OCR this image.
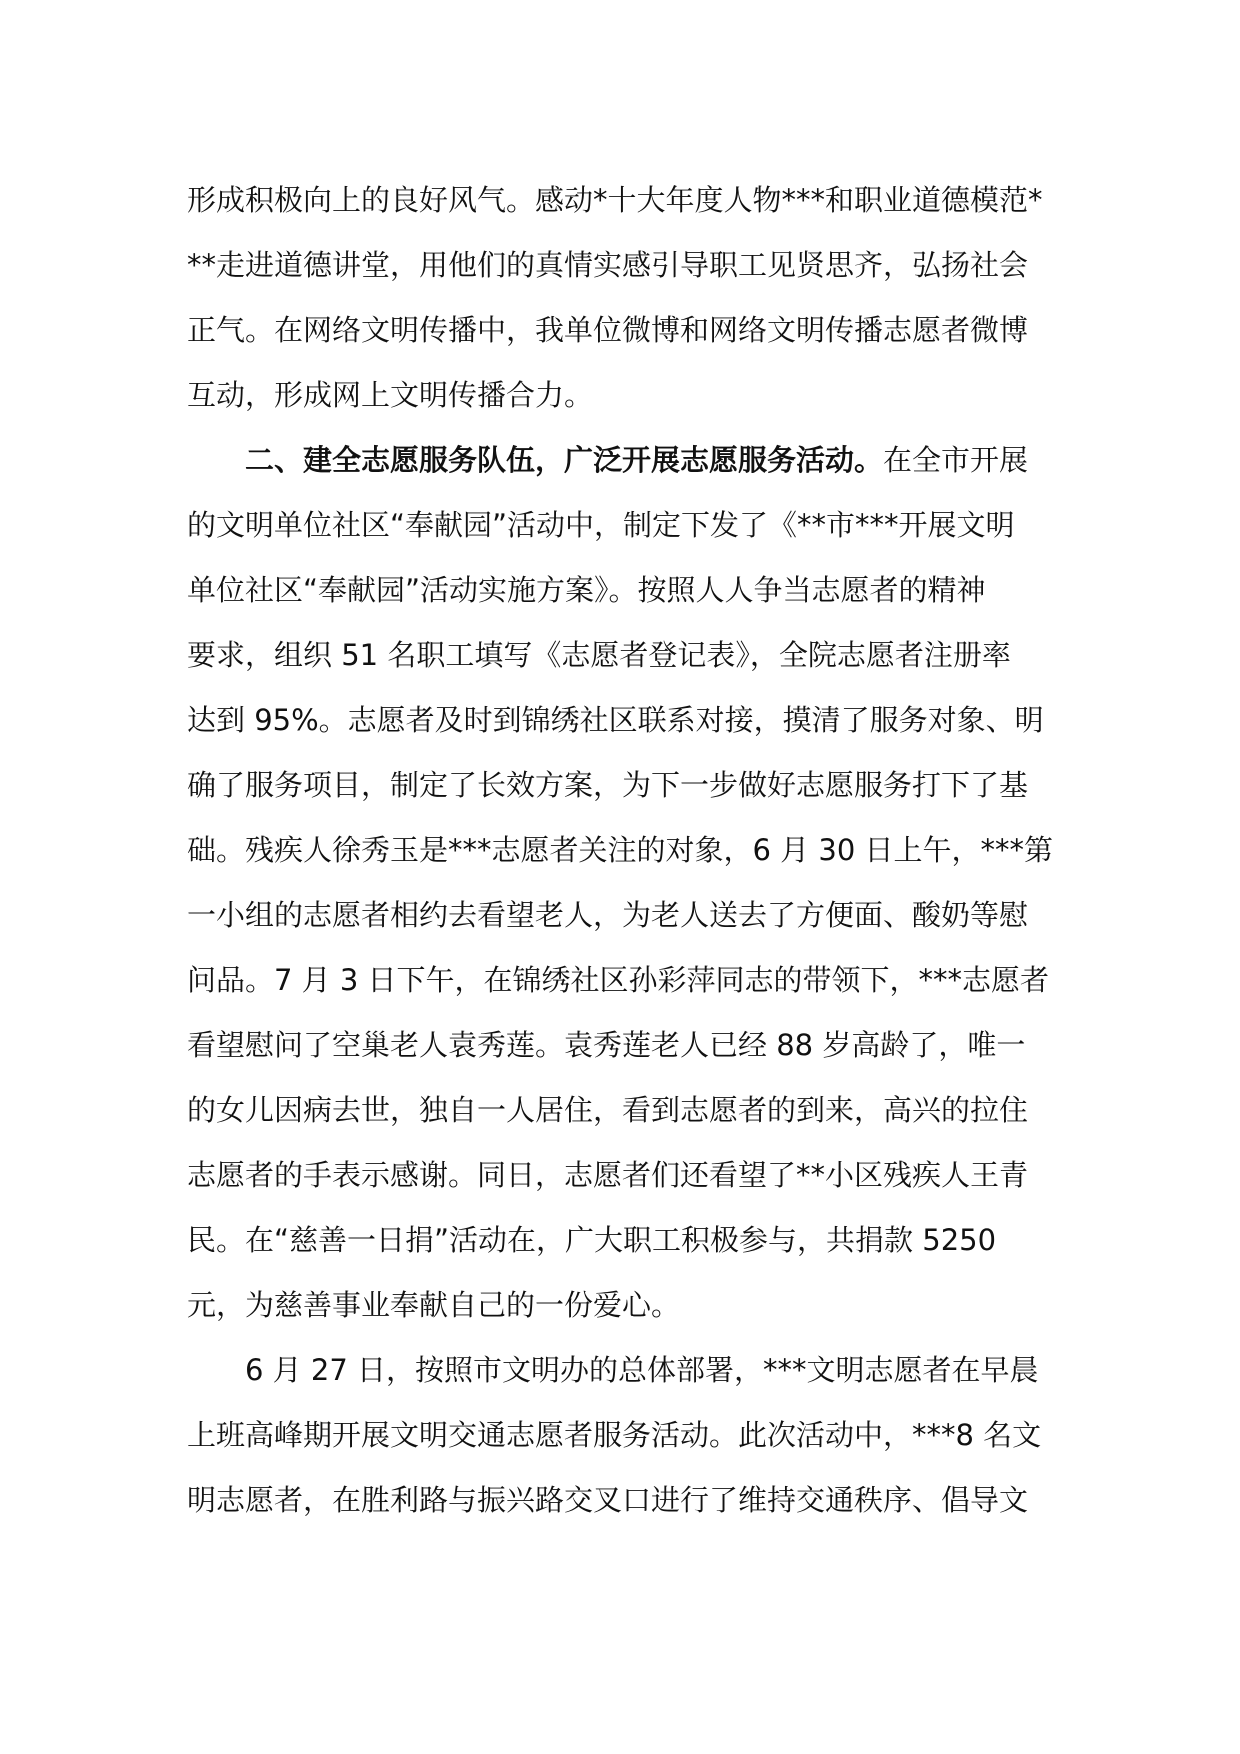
形成积极向上的良好风气。感动*十大年度人物***和职业道德模范*
**走进道德讲堂，用他们的真情实感引导职工见贤思齐，弘扬社会
正气。在网络文明传播中，我单位微博和网络文明传播志愿者微博
互动，形成网上文明传播合力。
二、建全志愿服务队伍，广泛开展志愿服务活动。在全市开展
的文明单位社区“奉献园”活动中，制定下发了《**市***开展文明
单位社区“奉献园”活动实施方案》。按照人人争当志愿者的精神
要求，组织 51 名职工填写《志愿者登记表》，全院志愿者注册率
达到 95%。志愿者及时到锦绣社区联系对接，摸清了服务对象、明
确了服务项目，制定了长效方案，为下一步做好志愿服务打下了基
础。残疾人徐秀玉是***志愿者关注的对象，6 月 30 日上午，***第
一小组的志愿者相约去看望老人，为老人送去了方便面、酸奶等慰
问品。7 月 3 日下午，在锦绣社区孙彩萍同志的带领下，***志愿者
看望慰问了空巢老人袁秀莲。袁秀莲老人已经 88 岁高龄了，唯一
的女儿因病去世，独自一人居住，看到志愿者的到来，高兴的拉住
志愿者的手表示感谢。同日，志愿者们还看望了**小区残疾人王青
民。在“慈善一日捐”活动在，广大职工积极参与，共捐款 5250
元，为慈善事业奉献自己的一份爱心。
6 月 27 日，按照市文明办的总体部署，***文明志愿者在早晨
上班高峰期开展文明交通志愿者服务活动。此次活动中，***8 名文
明志愿者，在胜利路与振兴路交叉口进行了维持交通秩序、倡导文
